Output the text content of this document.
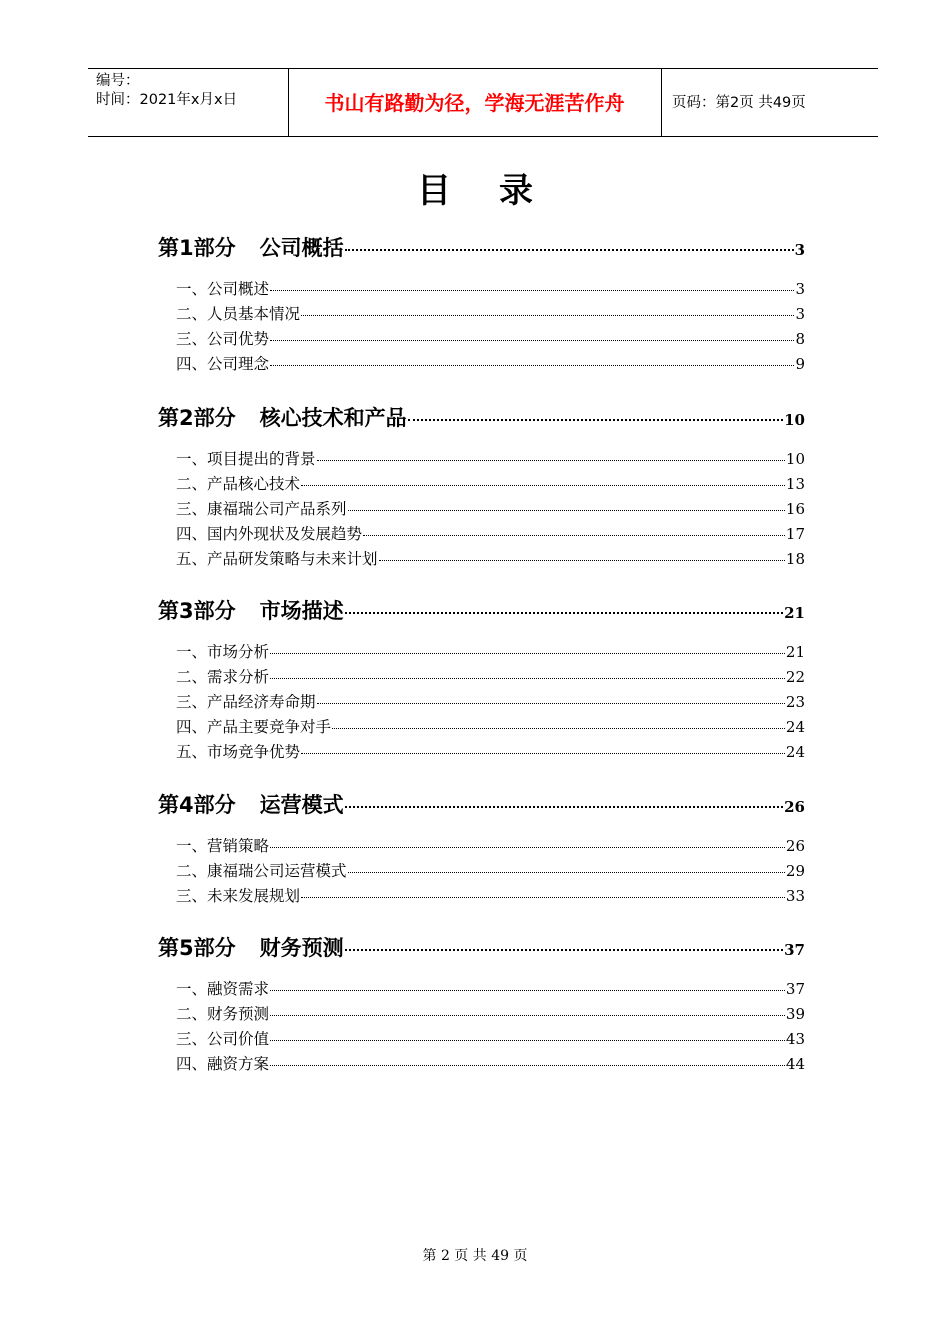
编号：
时间：2021年x月x日	书山有路勤为径，学海无涯苦作舟	页码：第2页 共49页
目录
第1部分 公司概括	3
一、公司概述	3
二、人员基本情况	3
三、公司优势	8
四、公司理念	9
第2部分 核心技术和产品	10
一、项目提出的背景	10
二、产品核心技术	13
三、康福瑞公司产品系列	16
四、国内外现状及发展趋势	17
五、产品研发策略与未来计划	18
第3部分 市场描述	21
一、市场分析	21
二、需求分析	22
三、产品经济寿命期	23
四、产品主要竞争对手	24
五、市场竞争优势	24
第4部分 运营模式	26
一、营销策略	26
二、康福瑞公司运营模式	29
三、未来发展规划	33
第5部分 财务预测	37
一、融资需求	37
二、财务预测	39
三、公司价值	43
四、融资方案	44
第 2 页 共 49 页
